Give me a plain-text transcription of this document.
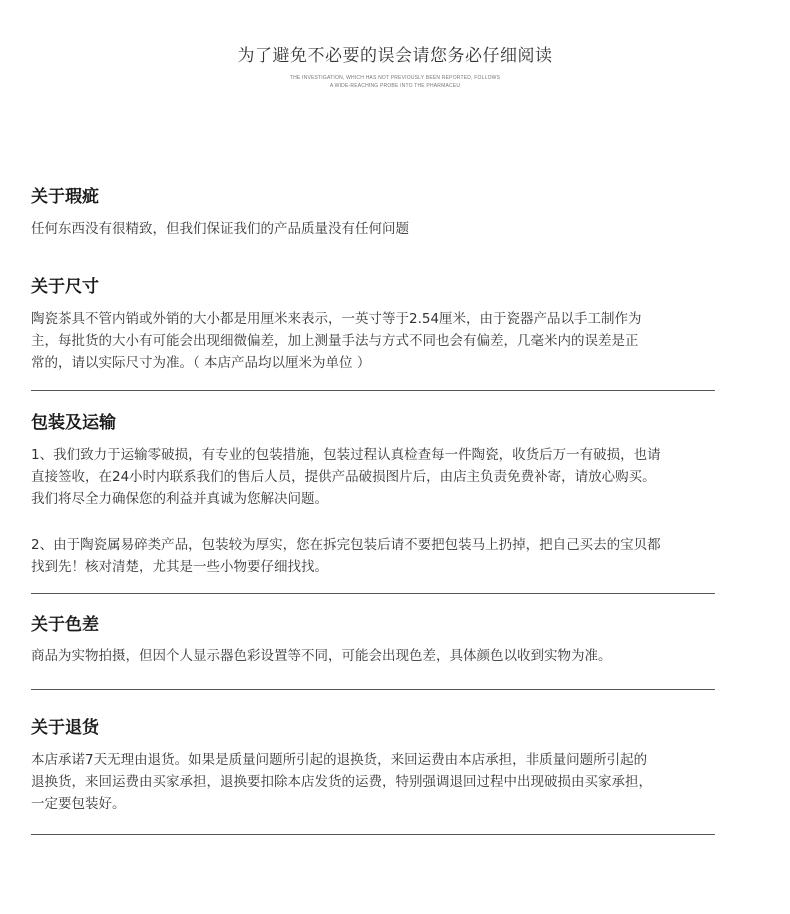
为了避免不必要的误会请您务必仔细阅读
THE INVESTIGATION, WHICH HAS NOT PREVIOUSLY BEEN REPORTED, FOLLOWS
A WIDE-REACHING PROBE INTO THE PHARMACEU
关于瑕疵
任何东西没有很精致，但我们保证我们的产品质量没有任何问题
关于尺寸
陶瓷茶具不管内销或外销的大小都是用厘米来表示，一英寸等于2.54厘米，由于瓷器产品以手工制作为
主，每批货的大小有可能会出现细微偏差，加上测量手法与方式不同也会有偏差，几毫米内的误差是正
常的，请以实际尺寸为准。（ 本店产品均以厘米为单位 ）
包装及运输
1、我们致力于运输零破损，有专业的包装措施，包装过程认真检查每一件陶瓷，收货后万一有破损，也请
直接签收，在24小时内联系我们的售后人员，提供产品破损图片后，由店主负责免费补寄，请放心购买。
我们将尽全力确保您的利益并真诚为您解决问题。
2、由于陶瓷属易碎类产品，包装较为厚实，您在拆完包装后请不要把包装马上扔掉，把自己买去的宝贝都
找到先！核对清楚，尤其是一些小物要仔细找找。
关于色差
商品为实物拍摄，但因个人显示器色彩设置等不同，可能会出现色差，具体颜色以收到实物为准。
关于退货
本店承诺7天无理由退货。如果是质量问题所引起的退换货，来回运费由本店承担，非质量问题所引起的
退换货，来回运费由买家承担，退换要扣除本店发货的运费，特别强调退回过程中出现破损由买家承担，
一定要包装好。
